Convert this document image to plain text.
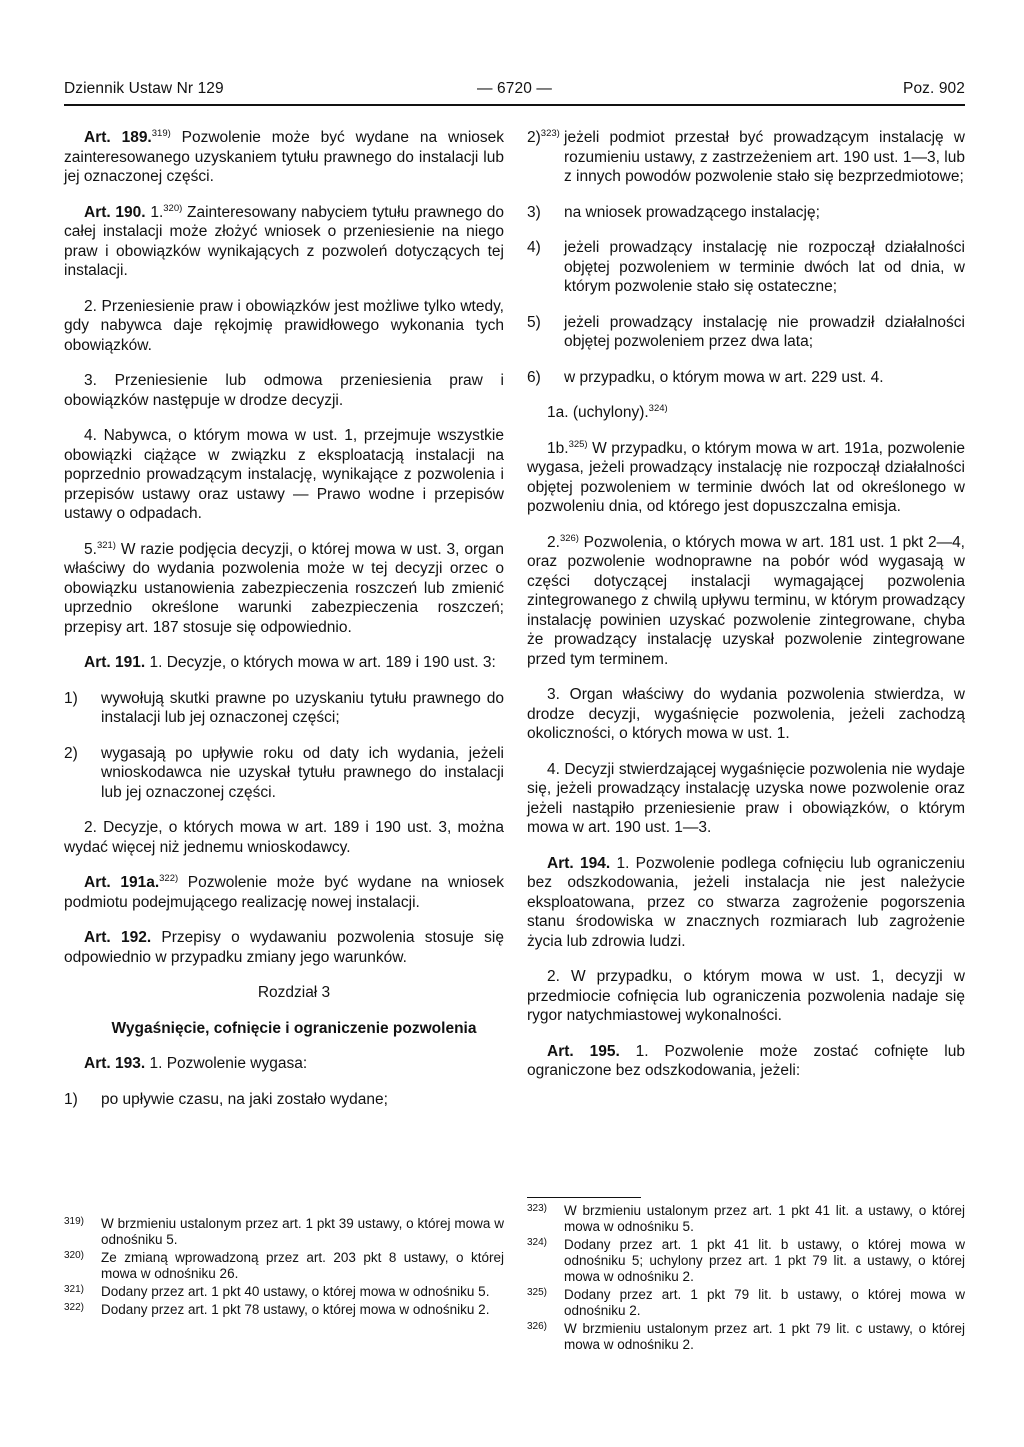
Dziennik Ustaw Nr 129	— 6720 —	Poz. 902

Art. 189.$^{319)}$ Pozwolenie może być wydane na wniosek zainteresowanego uzyskaniem tytułu prawnego do instalacji lub jej oznaczonej części.

Art. 190. 1.$^{320)}$ Zainteresowany nabyciem tytułu prawnego do całej instalacji może złożyć wniosek o przeniesienie na niego praw i obowiązków wynikających z pozwoleń dotyczących tej instalacji.

2. Przeniesienie praw i obowiązków jest możliwe tylko wtedy, gdy nabywca daje rękojmię prawidłowego wykonania tych obowiązków.

3. Przeniesienie lub odmowa przeniesienia praw i obowiązków następuje w drodze decyzji.

4. Nabywca, o którym mowa w ust. 1, przejmuje wszystkie obowiązki ciążące w związku z eksploatacją instalacji na poprzednio prowadzącym instalację, wynikające z pozwolenia i przepisów ustawy oraz ustawy — Prawo wodne i przepisów ustawy o odpadach.

5.$^{321)}$ W razie podjęcia decyzji, o której mowa w ust. 3, organ właściwy do wydania pozwolenia może w tej decyzji orzec o obowiązku ustanowienia zabezpieczenia roszczeń lub zmienić uprzednio określone warunki zabezpieczenia roszczeń; przepisy art. 187 stosuje się odpowiednio.

Art. 191. 1. Decyzje, o których mowa w art. 189 i 190 ust. 3:

1) wywołują skutki prawne po uzyskaniu tytułu prawnego do instalacji lub jej oznaczonej części;
2) wygasają po upływie roku od daty ich wydania, jeżeli wnioskodawca nie uzyskał tytułu prawnego do instalacji lub jej oznaczonej części.

2. Decyzje, o których mowa w art. 189 i 190 ust. 3, można wydać więcej niż jednemu wnioskodawcy.

Art. 191a.$^{322)}$ Pozwolenie może być wydane na wniosek podmiotu podejmującego realizację nowej instalacji.

Art. 192. Przepisy o wydawaniu pozwolenia stosuje się odpowiednio w przypadku zmiany jego warunków.

Rozdział 3

Wygaśnięcie, cofnięcie i ograniczenie pozwolenia

Art. 193. 1. Pozwolenie wygasa:

1) po upływie czasu, na jaki zostało wydane;
2)$^{323)}$ jeżeli podmiot przestał być prowadzącym instalację w rozumieniu ustawy, z zastrzeżeniem art. 190 ust. 1—3, lub z innych powodów pozwolenie stało się bezprzedmiotowe;
3) na wniosek prowadzącego instalację;
4) jeżeli prowadzący instalację nie rozpoczął działalności objętej pozwoleniem w terminie dwóch lat od dnia, w którym pozwolenie stało się ostateczne;
5) jeżeli prowadzący instalację nie prowadził działalności objętej pozwoleniem przez dwa lata;
6) w przypadku, o którym mowa w art. 229 ust. 4.

1a. (uchylony).$^{324)}$

1b.$^{325)}$ W przypadku, o którym mowa w art. 191a, pozwolenie wygasa, jeżeli prowadzący instalację nie rozpoczął działalności objętej pozwoleniem w terminie dwóch lat od określonego w pozwoleniu dnia, od którego jest dopuszczalna emisja.

2.$^{326)}$ Pozwolenia, o których mowa w art. 181 ust. 1 pkt 2—4, oraz pozwolenie wodnoprawne na pobór wód wygasają w części dotyczącej instalacji wymagającej pozwolenia zintegrowanego z chwilą upływu terminu, w którym prowadzący instalację powinien uzyskać pozwolenie zintegrowane, chyba że prowadzący instalację uzyskał pozwolenie zintegrowane przed tym terminem.

3. Organ właściwy do wydania pozwolenia stwierdza, w drodze decyzji, wygaśnięcie pozwolenia, jeżeli zachodzą okoliczności, o których mowa w ust. 1.

4. Decyzji stwierdzającej wygaśnięcie pozwolenia nie wydaje się, jeżeli prowadzący instalację uzyska nowe pozwolenie oraz jeżeli nastąpiło przeniesienie praw i obowiązków, o którym mowa w art. 190 ust. 1—3.

Art. 194. 1. Pozwolenie podlega cofnięciu lub ograniczeniu bez odszkodowania, jeżeli instalacja nie jest należycie eksploatowana, przez co stwarza zagrożenie pogorszenia stanu środowiska w znacznych rozmiarach lub zagrożenie życia lub zdrowia ludzi.

2. W przypadku, o którym mowa w ust. 1, decyzji w przedmiocie cofnięcia lub ograniczenia pozwolenia nadaje się rygor natychmiastowej wykonalności.

Art. 195. 1. Pozwolenie może zostać cofnięte lub ograniczone bez odszkodowania, jeżeli:

319)	W brzmieniu ustalonym przez art. 1 pkt 39 ustawy, o której mowa w odnośniku 5.
320)	Ze zmianą wprowadzoną przez art. 203 pkt 8 ustawy, o której mowa w odnośniku 26.
321)	Dodany przez art. 1 pkt 40 ustawy, o której mowa w odnośniku 5.
322)	Dodany przez art. 1 pkt 78 ustawy, o której mowa w odnośniku 2.
323)	W brzmieniu ustalonym przez art. 1 pkt 41 lit. a ustawy, o której mowa w odnośniku 5.
324)	Dodany przez art. 1 pkt 41 lit. b ustawy, o której mowa w odnośniku 5; uchylony przez art. 1 pkt 79 lit. a ustawy, o której mowa w odnośniku 2.
325)	Dodany przez art. 1 pkt 79 lit. b ustawy, o której mowa w odnośniku 2.
326)	W brzmieniu ustalonym przez art. 1 pkt 79 lit. c ustawy, o której mowa w odnośniku 2.
